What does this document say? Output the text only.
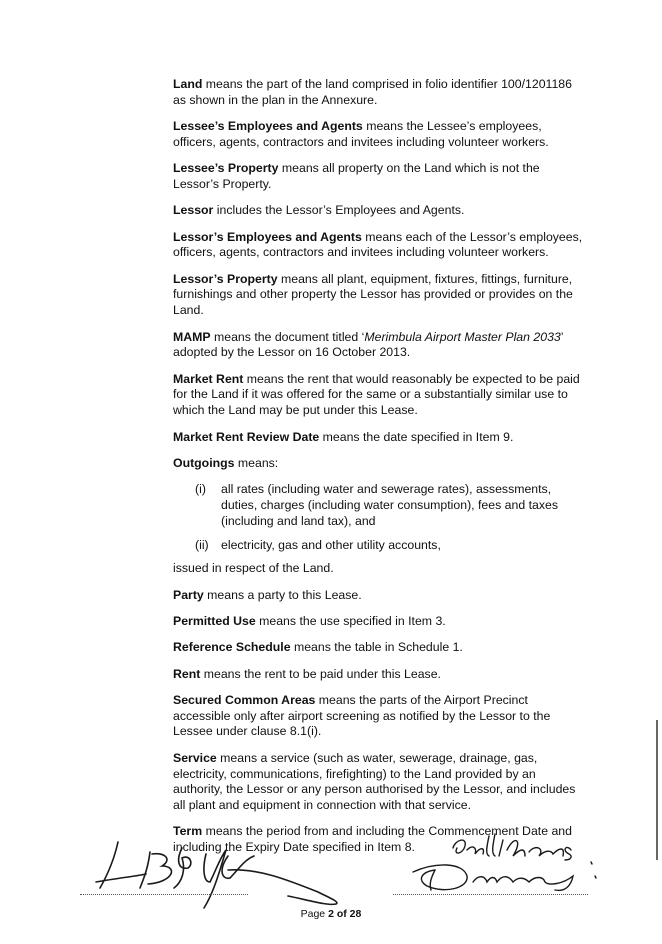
Land means the part of the land comprised in folio identifier 100/1201186 as shown in the plan in the Annexure.

Lessee’s Employees and Agents means the Lessee’s employees, officers, agents, contractors and invitees including volunteer workers.

Lessee’s Property means all property on the Land which is not the Lessor’s Property.

Lessor includes the Lessor’s Employees and Agents.

Lessor’s Employees and Agents means each of the Lessor’s employees, officers, agents, contractors and invitees including volunteer workers.

Lessor’s Property means all plant, equipment, fixtures, fittings, furniture, furnishings and other property the Lessor has provided or provides on the Land.

MAMP means the document titled ‘Merimbula Airport Master Plan 2033’ adopted by the Lessor on 16 October 2013.

Market Rent means the rent that would reasonably be expected to be paid for the Land if it was offered for the same or a substantially similar use to which the Land may be put under this Lease.

Market Rent Review Date means the date specified in Item 9.

Outgoings means:

(i)	all rates (including water and sewerage rates), assessments, duties, charges (including water consumption), fees and taxes (including and land tax), and
(ii)	electricity, gas and other utility accounts,

issued in respect of the Land.

Party means a party to this Lease.

Permitted Use means the use specified in Item 3.

Reference Schedule means the table in Schedule 1.

Rent means the rent to be paid under this Lease.

Secured Common Areas means the parts of the Airport Precinct accessible only after airport screening as notified by the Lessor to the Lessee under clause 8.1(i).

Service means a service (such as water, sewerage, drainage, gas, electricity, communications, firefighting) to the Land provided by an authority, the Lessor or any person authorised by the Lessor, and includes all plant and equipment in connection with that service.

Term means the period from and including the Commencement Date and including the Expiry Date specified in Item 8.

Page 2 of 28
